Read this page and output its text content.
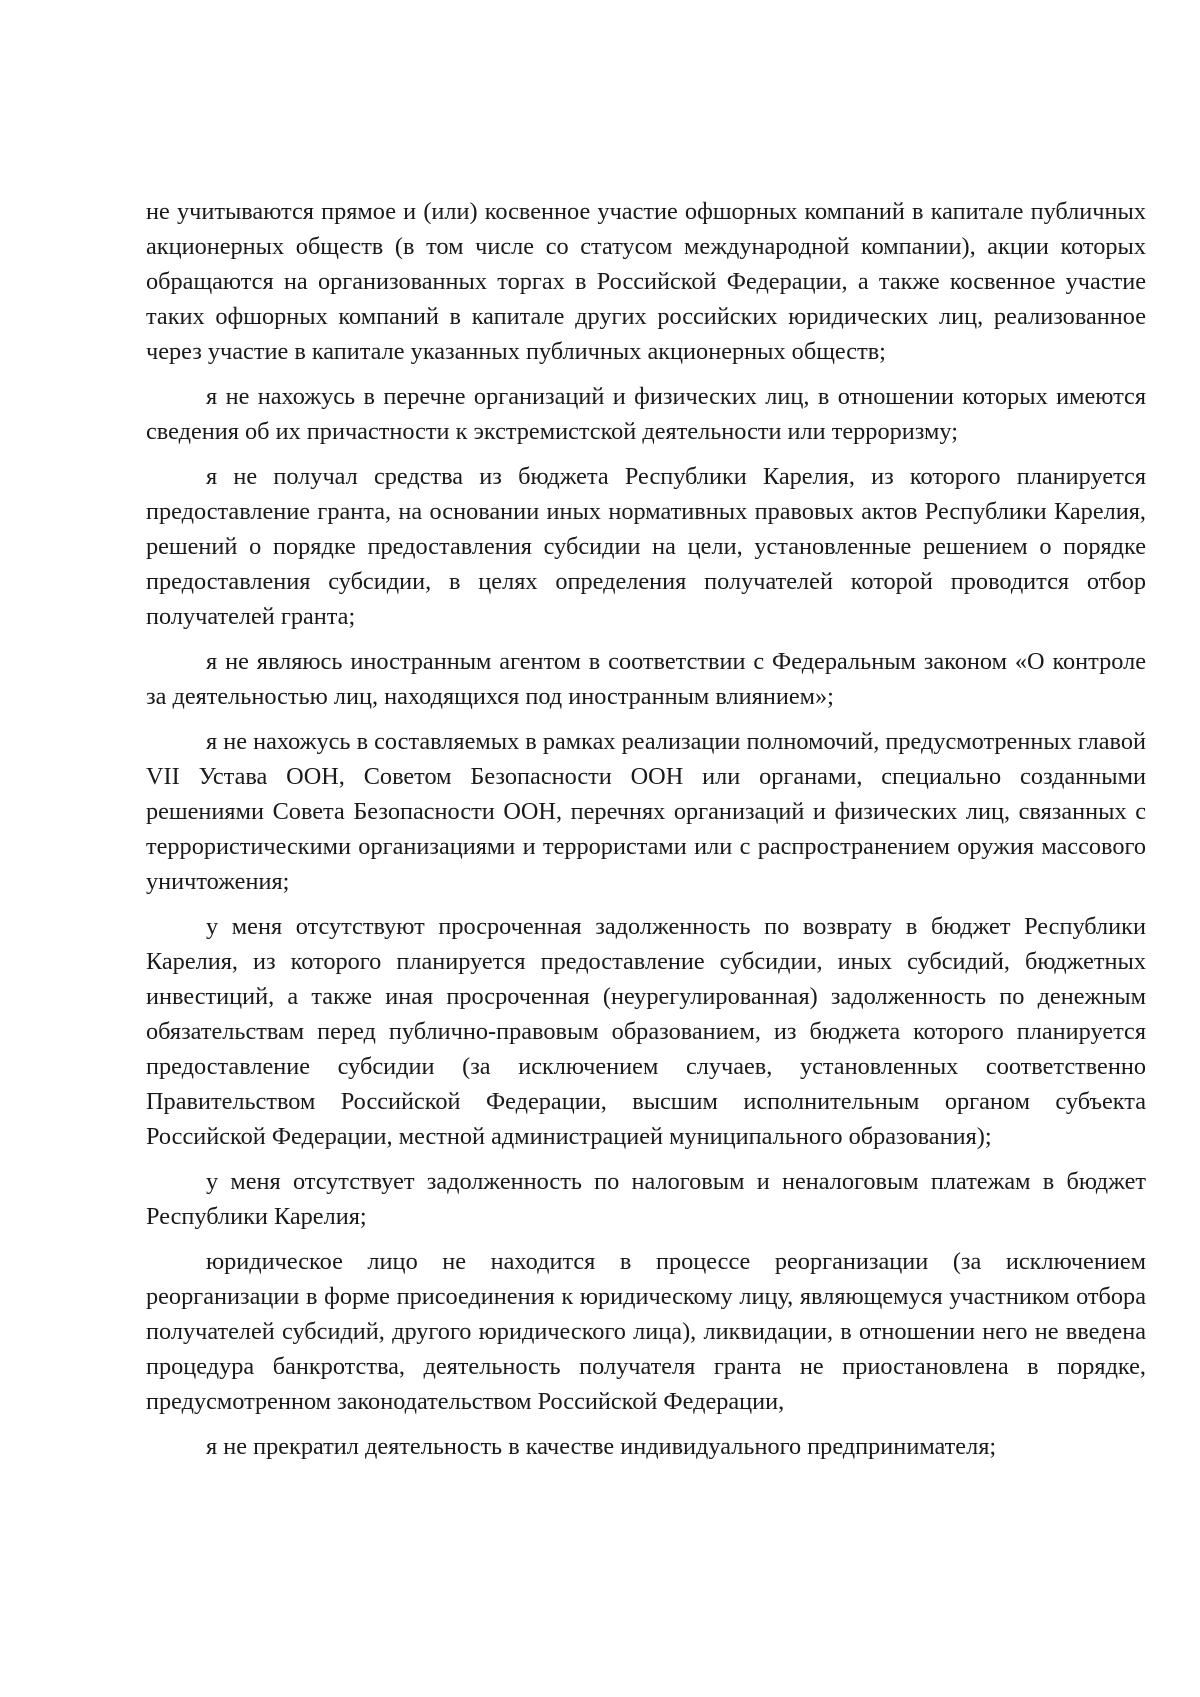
не учитываются прямое и (или) косвенное участие офшорных компаний в капитале публичных акционерных обществ (в том числе со статусом международной компании), акции которых обращаются на организованных торгах в Российской Федерации, а также косвенное участие таких офшорных компаний в капитале других российских юридических лиц, реализованное через участие в капитале указанных публичных акционерных обществ;

я не нахожусь в перечне организаций и физических лиц, в отношении которых имеются сведения об их причастности к экстремистской деятельности или терроризму;

я не получал средства из бюджета Республики Карелия, из которого планируется предоставление гранта, на основании иных нормативных правовых актов Республики Карелия, решений о порядке предоставления субсидии на цели, установленные решением о порядке предоставления субсидии, в целях определения получателей которой проводится отбор получателей гранта;

я не являюсь иностранным агентом в соответствии с Федеральным законом «О контроле за деятельностью лиц, находящихся под иностранным влиянием»;

я не нахожусь в составляемых в рамках реализации полномочий, предусмотренных главой VII Устава ООН, Советом Безопасности ООН или органами, специально созданными решениями Совета Безопасности ООН, перечнях организаций и физических лиц, связанных с террористическими организациями и террористами или с распространением оружия массового уничтожения;

у меня отсутствуют просроченная задолженность по возврату в бюджет Республики Карелия, из которого планируется предоставление субсидии, иных субсидий, бюджетных инвестиций, а также иная просроченная (неурегулированная) задолженность по денежным обязательствам перед публично-правовым образованием, из бюджета которого планируется предоставление субсидии (за исключением случаев, установленных соответственно Правительством Российской Федерации, высшим исполнительным органом субъекта Российской Федерации, местной администрацией муниципального образования);

у меня отсутствует задолженность по налоговым и неналоговым платежам в бюджет Республики Карелия;

юридическое лицо не находится в процессе реорганизации (за исключением реорганизации в форме присоединения к юридическому лицу, являющемуся участником отбора получателей субсидий, другого юридического лица), ликвидации, в отношении него не введена процедура банкротства, деятельность получателя гранта не приостановлена в порядке, предусмотренном законодательством Российской Федерации,

я не прекратил деятельность в качестве индивидуального предпринимателя;
